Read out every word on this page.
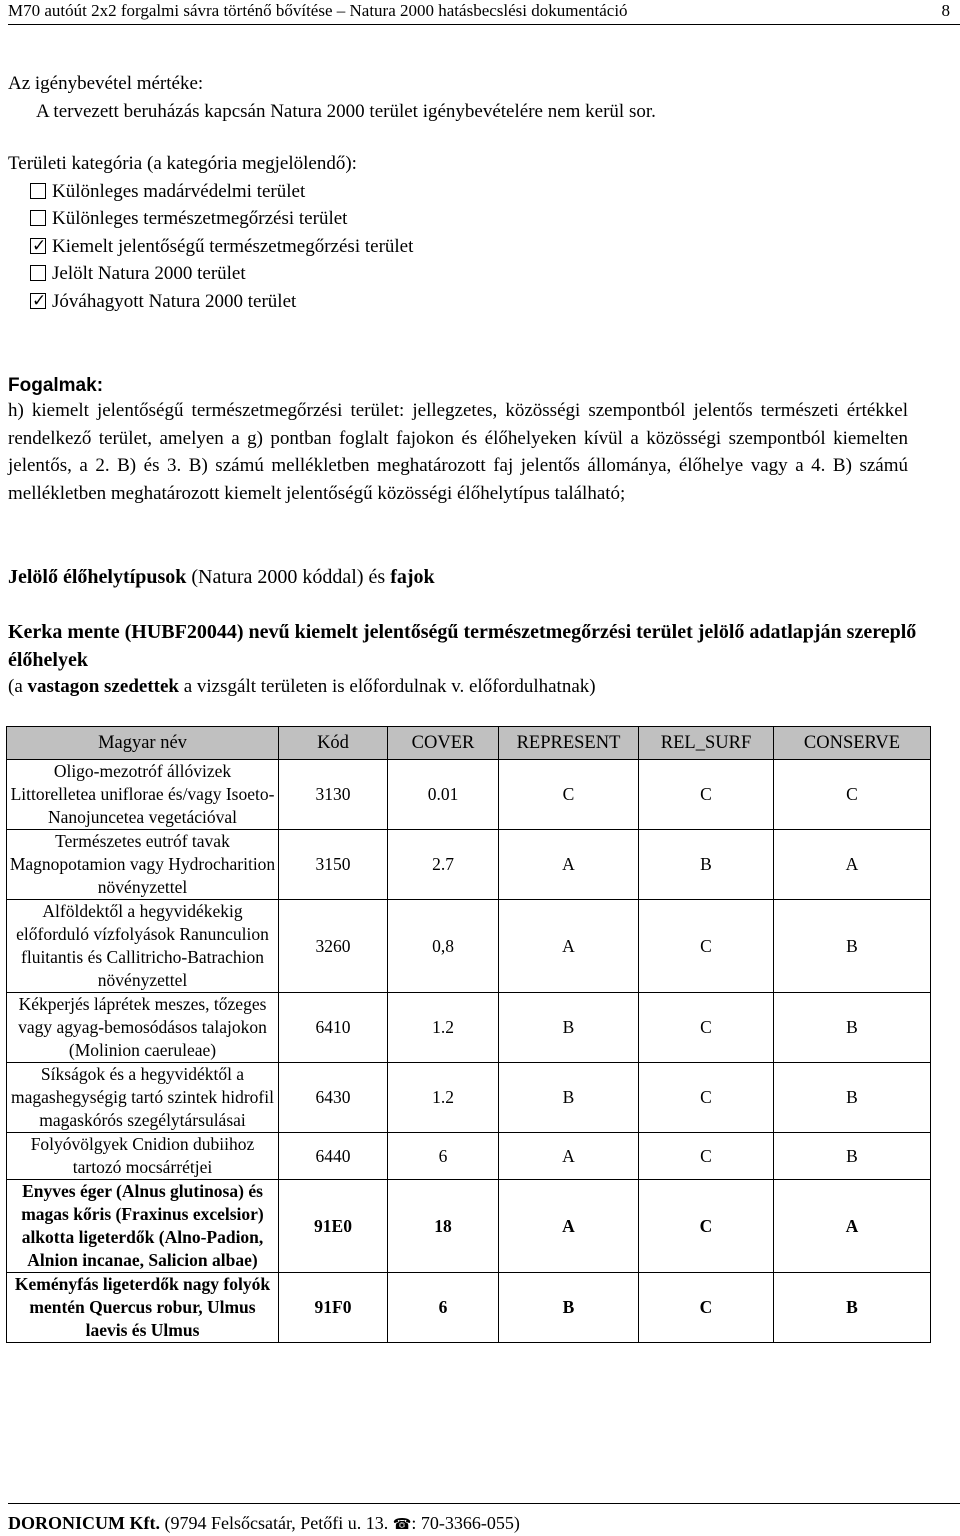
M70 autóút 2x2 forgalmi sávra történő bővítése – Natura 2000 hatásbecslési dokumentáció	8
Az igénybevétel mértéke:
A tervezett beruházás kapcsán Natura 2000 terület igénybevételére nem kerül sor.
Területi kategória (a kategória megjelölendő):
Különleges madárvédelmi terület
Különleges természetmegőrzési terület
✓Kiemelt jelentőségű természetmegőrzési terület
Jelölt Natura 2000 terület
✓Jóváhagyott Natura 2000 terület
Fogalmak:
h) kiemelt jelentőségű természetmegőrzési terület: jellegzetes, közösségi szempontból jelentős természeti értékkel rendelkező terület, amelyen a g) pontban foglalt fajokon és élőhelyeken kívül a közösségi szempontból kiemelten jelentős, a 2. B) és 3. B) számú mellékletben meghatározott faj jelentős állománya, élőhelye vagy a 4. B) számú mellékletben meghatározott kiemelt jelentőségű közösségi élőhelytípus található;
Jelölő élőhelytípusok (Natura 2000 kóddal) és fajok
Kerka mente (HUBF20044) nevű kiemelt jelentőségű természetmegőrzési terület jelölő adatlapján szereplő élőhelyek
(a vastagon szedettek a vizsgált területen is előfordulnak v. előfordulhatnak)
Magyar név	Kód	COVER	REPRESENT	REL_SURF	CONSERVE
Oligo-mezotróf állóvizek Littorelletea uniflorae és/vagy Isoeto-Nanojuncetea vegetációval	3130	0.01	C	C	C
Természetes eutróf tavak Magnopotamion vagy Hydrocharition növényzettel	3150	2.7	A	B	A
Alföldektől a hegyvidékekig előforduló vízfolyások Ranunculion fluitantis és Callitricho-Batrachion növényzettel	3260	0,8	A	C	B
Kékperjés láprétek meszes, tőzeges vagy agyag-bemosódásos talajokon (Molinion caeruleae)	6410	1.2	B	C	B
Síkságok és a hegyvidéktől a magashegységig tartó szintek hidrofil magaskórós szegélytársulásai	6430	1.2	B	C	B
Folyóvölgyek Cnidion dubiihoz tartozó mocsárrétjei	6440	6	A	C	B
Enyves éger (Alnus glutinosa) és magas kőris (Fraxinus excelsior) alkotta ligeterdők (Alno-Padion, Alnion incanae, Salicion albae)	91E0	18	A	C	A
Keményfás ligeterdők nagy folyók mentén Quercus robur, Ulmus laevis és Ulmus	91F0	6	B	C	B
DORONICUM Kft. (9794 Felsőcsatár, Petőfi u. 13. ☎: 70-3366-055)
